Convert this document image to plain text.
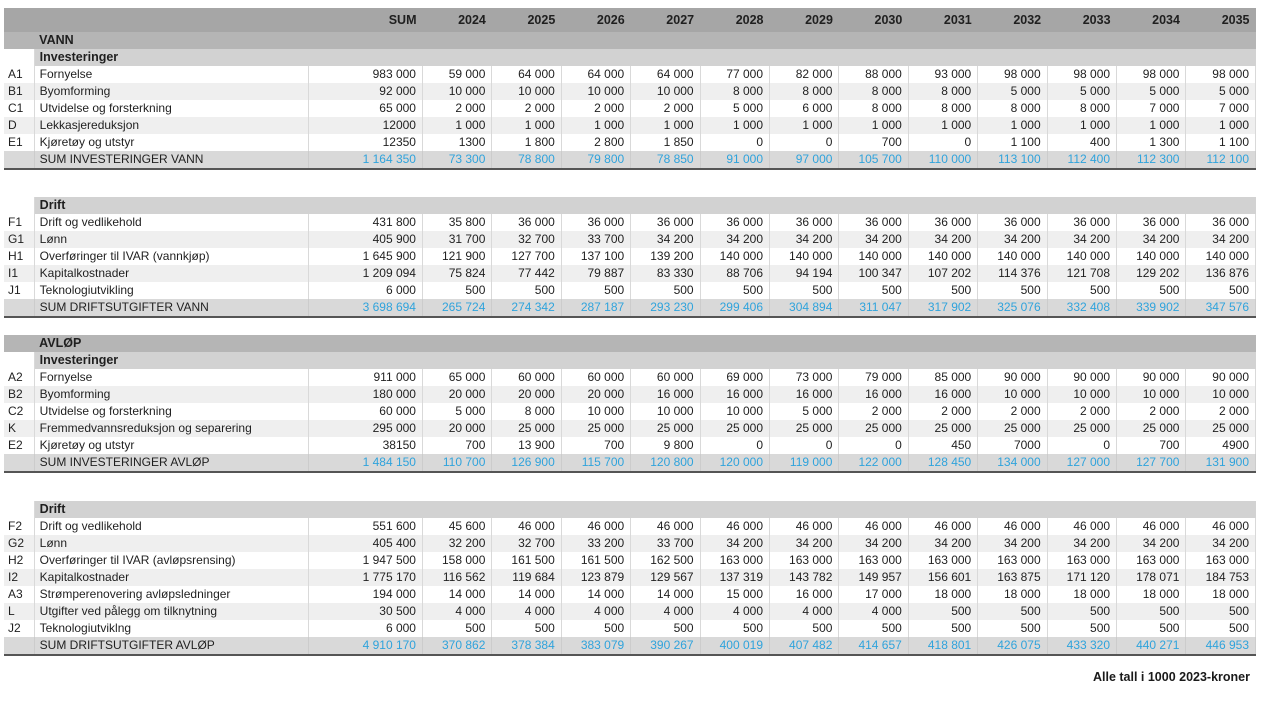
		SUM	2024	2025	2026	2027	2028	2029	2030	2031	2032	2033	2034	2035
	VANN													
	Investeringer													
A1	Fornyelse	983 000	59 000	64 000	64 000	64 000	77 000	82 000	88 000	93 000	98 000	98 000	98 000	98 000
B1	Byomforming	92 000	10 000	10 000	10 000	10 000	8 000	8 000	8 000	8 000	5 000	5 000	5 000	5 000
C1	Utvidelse og forsterkning	65 000	2 000	2 000	2 000	2 000	5 000	6 000	8 000	8 000	8 000	8 000	7 000	7 000
D	Lekkasjereduksjon	12000	1 000	1 000	1 000	1 000	1 000	1 000	1 000	1 000	1 000	1 000	1 000	1 000
E1	Kjøretøy og utstyr	12350	1300	1 800	2 800	1 850	0	0	700	0	1 100	400	1 300	1 100
	SUM INVESTERINGER VANN	1 164 350	73 300	78 800	79 800	78 850	91 000	97 000	105 700	110 000	113 100	112 400	112 300	112 100

	Drift													
F1	Drift og vedlikehold	431 800	35 800	36 000	36 000	36 000	36 000	36 000	36 000	36 000	36 000	36 000	36 000	36 000
G1	Lønn	405 900	31 700	32 700	33 700	34 200	34 200	34 200	34 200	34 200	34 200	34 200	34 200	34 200
H1	Overføringer til IVAR (vannkjøp)	1 645 900	121 900	127 700	137 100	139 200	140 000	140 000	140 000	140 000	140 000	140 000	140 000	140 000
I1	Kapitalkostnader	1 209 094	75 824	77 442	79 887	83 330	88 706	94 194	100 347	107 202	114 376	121 708	129 202	136 876
J1	Teknologiutvikling	6 000	500	500	500	500	500	500	500	500	500	500	500	500
	SUM DRIFTSUTGIFTER VANN	3 698 694	265 724	274 342	287 187	293 230	299 406	304 894	311 047	317 902	325 076	332 408	339 902	347 576

	AVLØP													
	Investeringer													
A2	Fornyelse	911 000	65 000	60 000	60 000	60 000	69 000	73 000	79 000	85 000	90 000	90 000	90 000	90 000
B2	Byomforming	180 000	20 000	20 000	20 000	16 000	16 000	16 000	16 000	16 000	10 000	10 000	10 000	10 000
C2	Utvidelse og forsterkning	60 000	5 000	8 000	10 000	10 000	10 000	5 000	2 000	2 000	2 000	2 000	2 000	2 000
K	Fremmedvannsreduksjon og separering	295 000	20 000	25 000	25 000	25 000	25 000	25 000	25 000	25 000	25 000	25 000	25 000	25 000
E2	Kjøretøy og utstyr	38150	700	13 900	700	9 800	0	0	0	450	7000	0	700	4900
	SUM INVESTERINGER AVLØP	1 484 150	110 700	126 900	115 700	120 800	120 000	119 000	122 000	128 450	134 000	127 000	127 700	131 900

	Drift													
F2	Drift og vedlikehold	551 600	45 600	46 000	46 000	46 000	46 000	46 000	46 000	46 000	46 000	46 000	46 000	46 000
G2	Lønn	405 400	32 200	32 700	33 200	33 700	34 200	34 200	34 200	34 200	34 200	34 200	34 200	34 200
H2	Overføringer til IVAR (avløpsrensing)	1 947 500	158 000	161 500	161 500	162 500	163 000	163 000	163 000	163 000	163 000	163 000	163 000	163 000
I2	Kapitalkostnader	1 775 170	116 562	119 684	123 879	129 567	137 319	143 782	149 957	156 601	163 875	171 120	178 071	184 753
A3	Strømperenovering avløpsledninger	194 000	14 000	14 000	14 000	14 000	15 000	16 000	17 000	18 000	18 000	18 000	18 000	18 000
L	Utgifter ved pålegg om tilknytning	30 500	4 000	4 000	4 000	4 000	4 000	4 000	4 000	500	500	500	500	500
J2	Teknologiutviklng	6 000	500	500	500	500	500	500	500	500	500	500	500	500
	SUM DRIFTSUTGIFTER AVLØP	4 910 170	370 862	378 384	383 079	390 267	400 019	407 482	414 657	418 801	426 075	433 320	440 271	446 953
Alle tall i 1000 2023-kroner
